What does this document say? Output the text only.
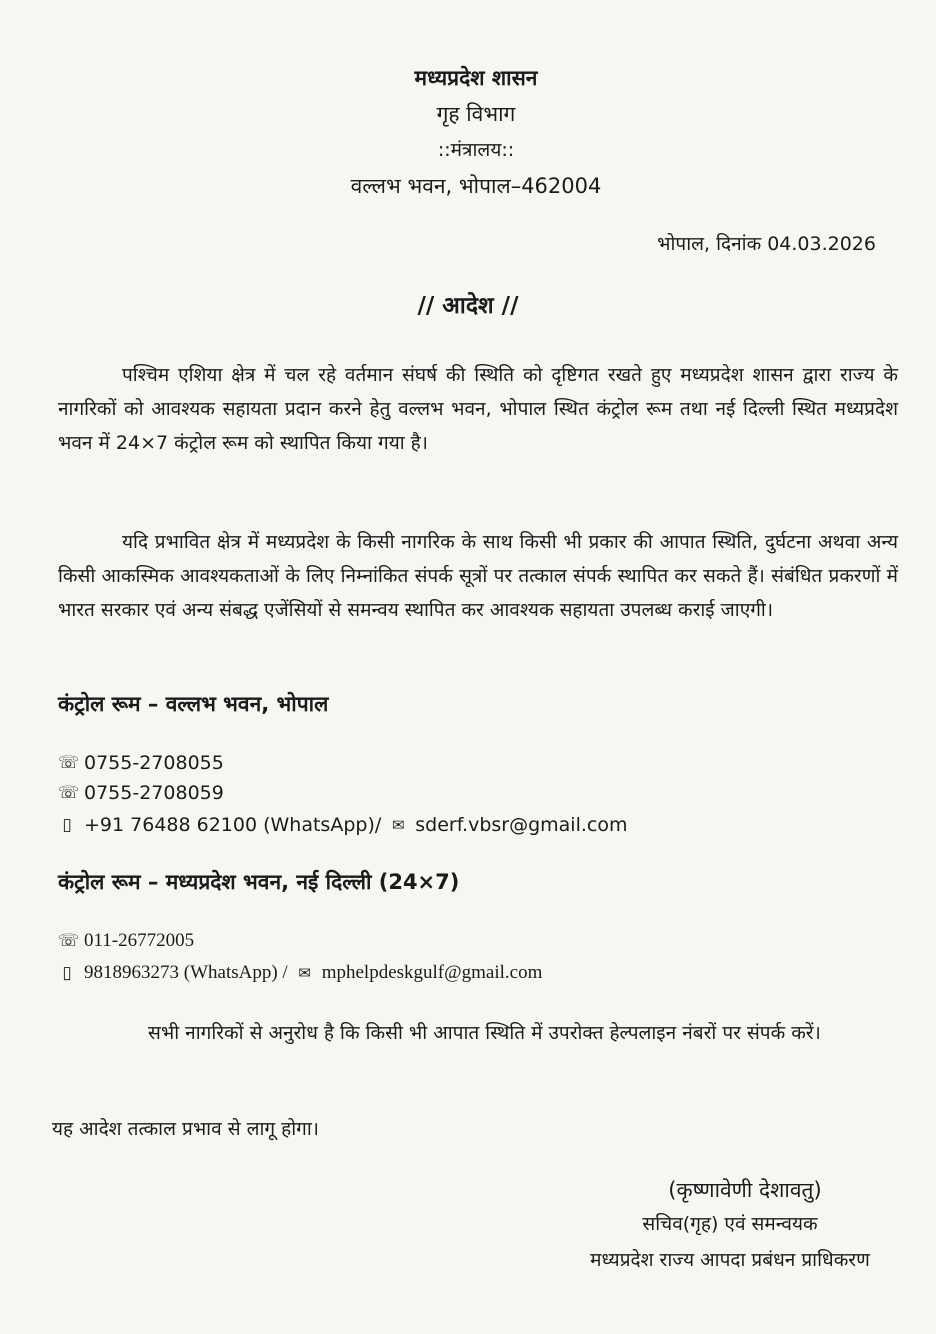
मध्यप्रदेश शासन
गृह विभाग
::मंत्रालय::
वल्लभ भवन, भोपाल–462004
भोपाल, दिनांक 04.03.2026
// आदेश //
पश्चिम एशिया क्षेत्र में चल रहे वर्तमान संघर्ष की स्थिति को दृष्टिगत रखते हुए मध्यप्रदेश शासन द्वारा राज्य के नागरिकों को आवश्यक सहायता प्रदान करने हेतु वल्लभ भवन, भोपाल स्थित कंट्रोल रूम तथा नई दिल्ली स्थित मध्यप्रदेश भवन में 24×7 कंट्रोल रूम को स्थापित किया गया है।
यदि प्रभावित क्षेत्र में मध्यप्रदेश के किसी नागरिक के साथ किसी भी प्रकार की आपात स्थिति, दुर्घटना अथवा अन्य किसी आकस्मिक आवश्यकताओं के लिए निम्नांकित संपर्क सूत्रों पर तत्काल संपर्क स्थापित कर सकते हैं। संबंधित प्रकरणों में भारत सरकार एवं अन्य संबद्ध एजेंसियों से समन्वय स्थापित कर आवश्यक सहायता उपलब्ध कराई जाएगी।
कंट्रोल रूम – वल्लभ भवन, भोपाल
☏ 0755-2708055
☏ 0755-2708059
▯ +91 76488 62100 (WhatsApp)/ ✉ sderf.vbsr@gmail.com
कंट्रोल रूम – मध्यप्रदेश भवन, नई दिल्ली (24×7)
☏ 011-26772005
▯ 9818963273 (WhatsApp) / ✉ mphelpdeskgulf@gmail.com
सभी नागरिकों से अनुरोध है कि किसी भी आपात स्थिति में उपरोक्त हेल्पलाइन नंबरों पर संपर्क करें।
यह आदेश तत्काल प्रभाव से लागू होगा।
(कृष्णावेणी देशावतु)
सचिव(गृह) एवं समन्वयक
मध्यप्रदेश राज्य आपदा प्रबंधन प्राधिकरण
